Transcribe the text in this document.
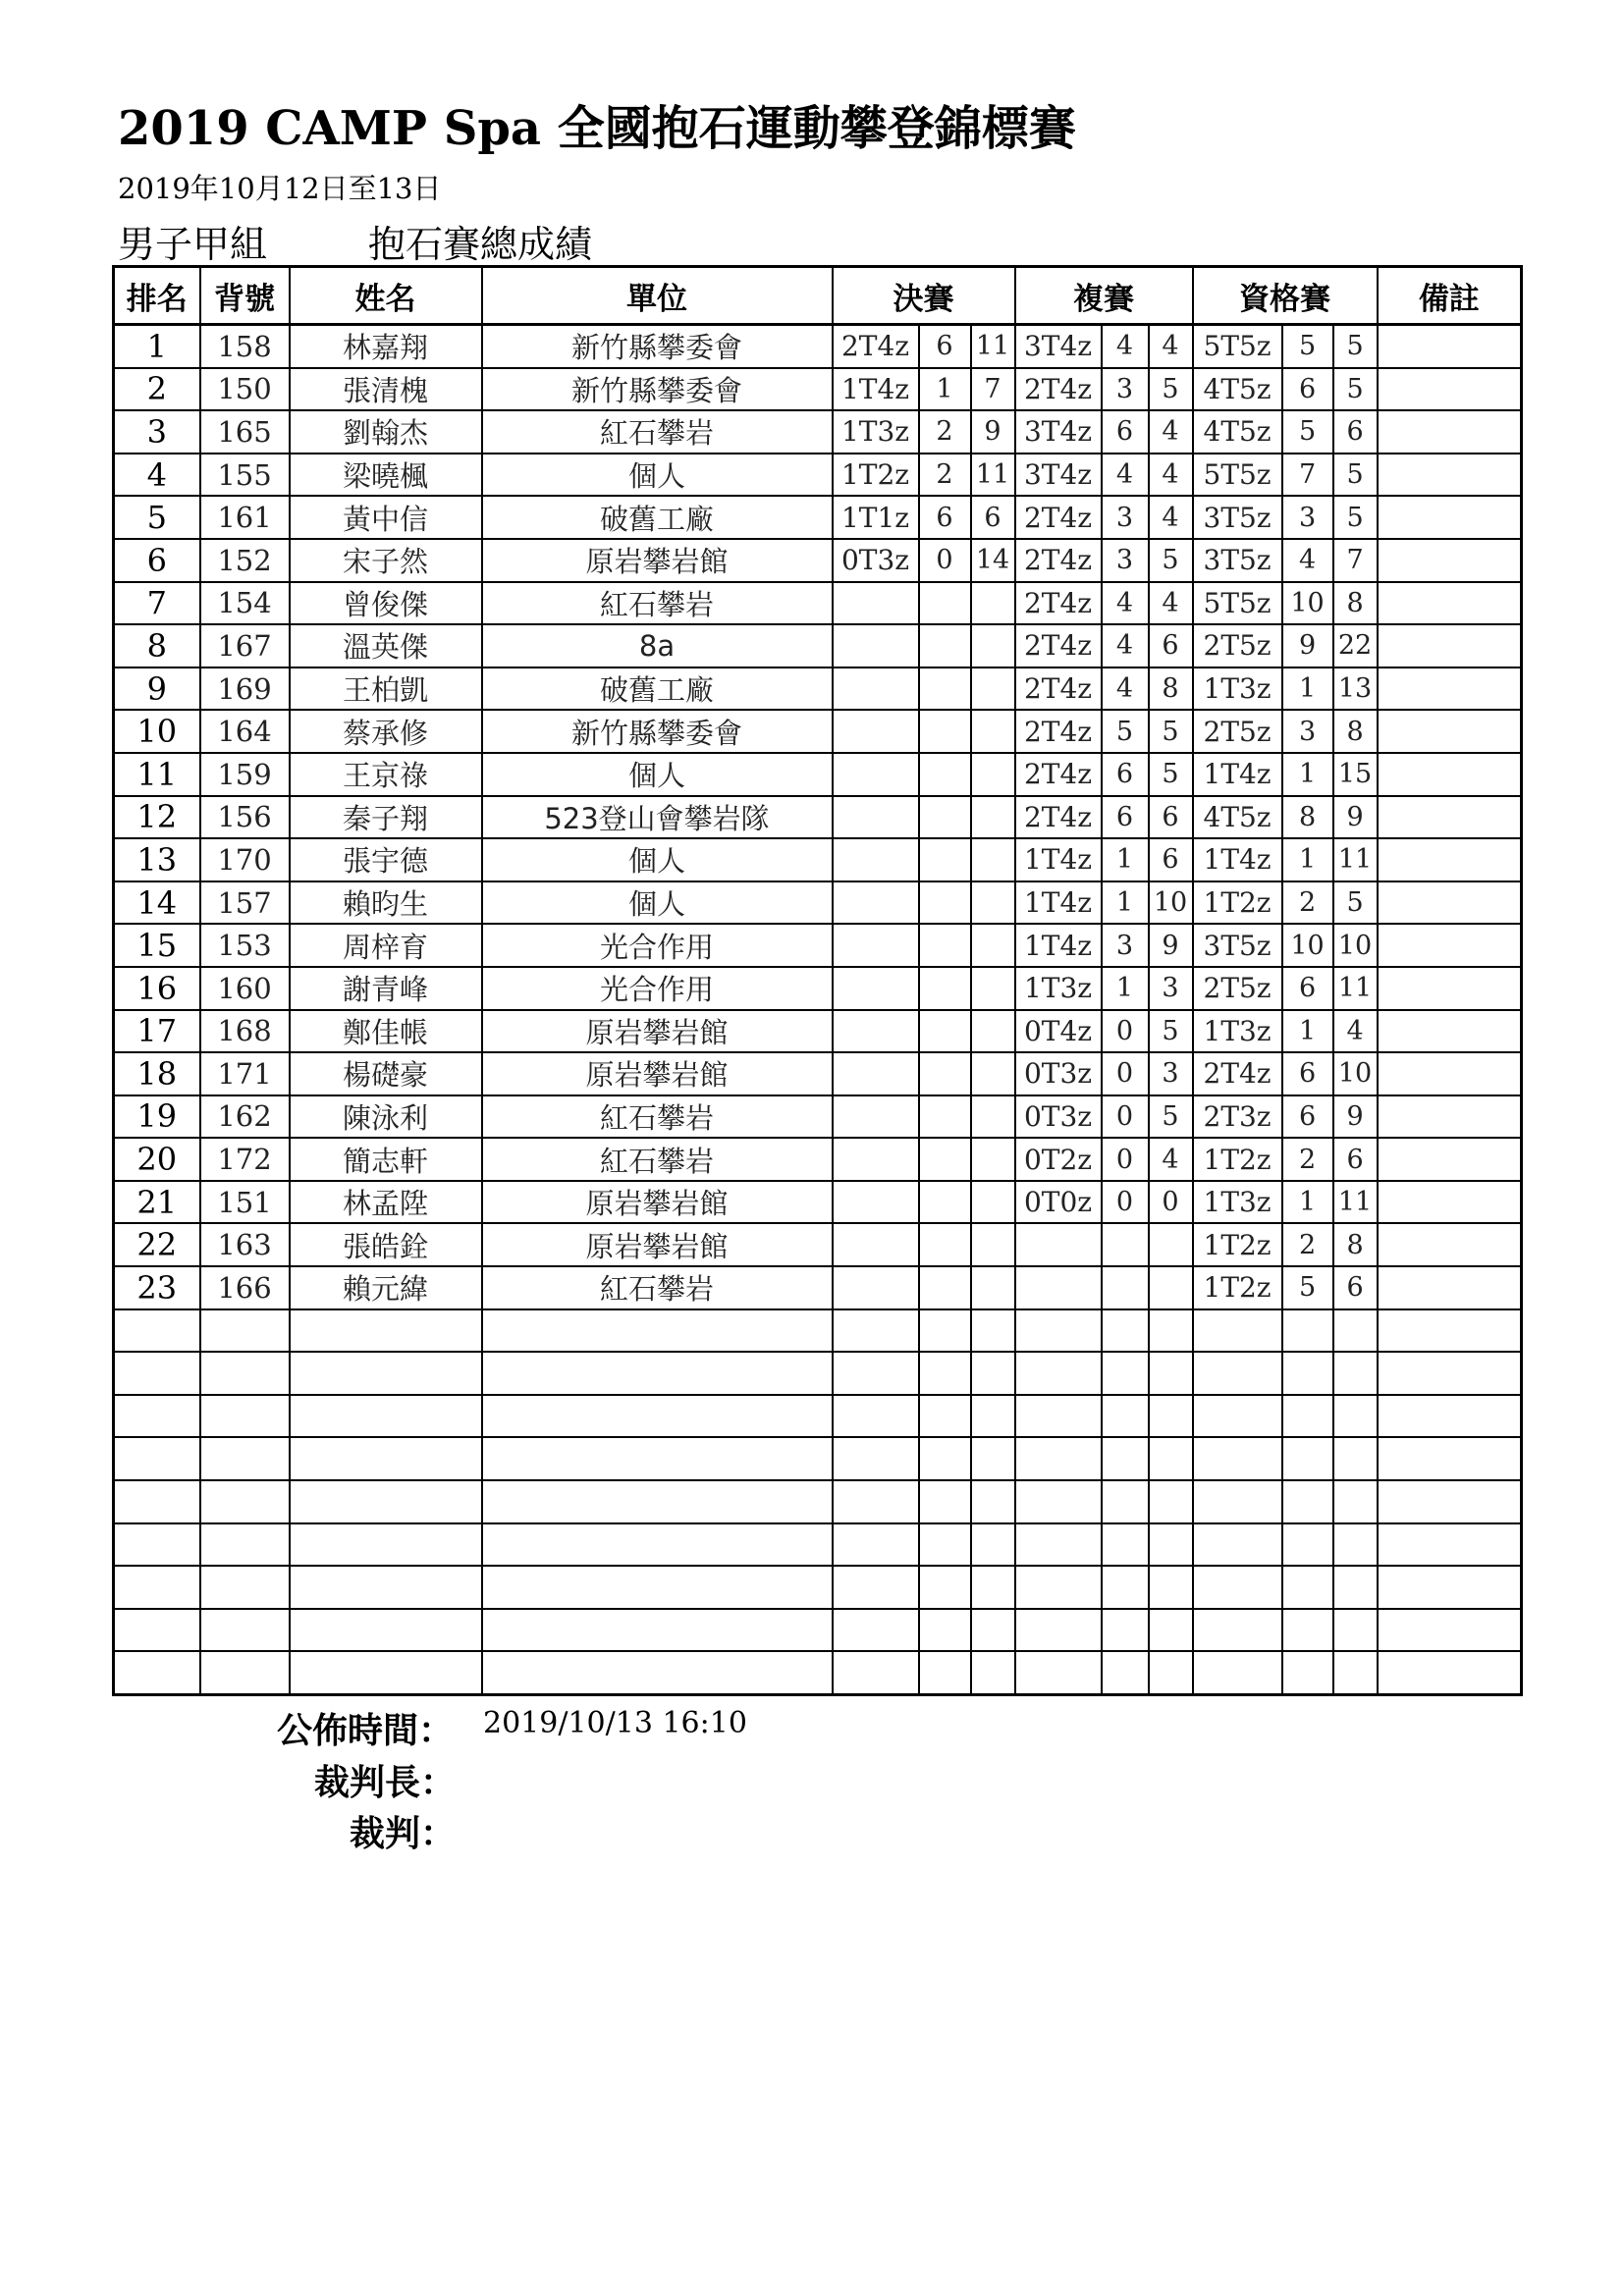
2019 CAMP Spa 全國抱石運動攀登錦標賽
2019年10月12日至13日
男子甲組	抱石賽總成績
排名	背號	姓名	單位	決賽			複賽			資格賽			備註
1	158	林嘉翔	新竹縣攀委會	2T4z	6	11	3T4z	4	4	5T5z	5	5	
2	150	張清槐	新竹縣攀委會	1T4z	1	7	2T4z	3	5	4T5z	6	5	
3	165	劉翰杰	紅石攀岩	1T3z	2	9	3T4z	6	4	4T5z	5	6	
4	155	梁曉楓	個人	1T2z	2	11	3T4z	4	4	5T5z	7	5	
5	161	黃中信	破舊工廠	1T1z	6	6	2T4z	3	4	3T5z	3	5	
6	152	宋子然	原岩攀岩館	0T3z	0	14	2T4z	3	5	3T5z	4	7	
7	154	曾俊傑	紅石攀岩				2T4z	4	4	5T5z	10	8	
8	167	溫英傑	8a				2T4z	4	6	2T5z	9	22	
9	169	王柏凱	破舊工廠				2T4z	4	8	1T3z	1	13	
10	164	蔡承修	新竹縣攀委會				2T4z	5	5	2T5z	3	8	
11	159	王京祿	個人				2T4z	6	5	1T4z	1	15	
12	156	秦子翔	523登山會攀岩隊				2T4z	6	6	4T5z	8	9	
13	170	張宇德	個人				1T4z	1	6	1T4z	1	11	
14	157	賴昀生	個人				1T4z	1	10	1T2z	2	5	
15	153	周梓育	光合作用				1T4z	3	9	3T5z	10	10	
16	160	謝青峰	光合作用				1T3z	1	3	2T5z	6	11	
17	168	鄭佳帳	原岩攀岩館				0T4z	0	5	1T3z	1	4	
18	171	楊礎豪	原岩攀岩館				0T3z	0	3	2T4z	6	10	
19	162	陳泳利	紅石攀岩				0T3z	0	5	2T3z	6	9	
20	172	簡志軒	紅石攀岩				0T2z	0	4	1T2z	2	6	
21	151	林孟陞	原岩攀岩館				0T0z	0	0	1T3z	1	11	
22	163	張皓銓	原岩攀岩館							1T2z	2	8	
23	166	賴元緯	紅石攀岩							1T2z	5	6	

公佈時間： 2019/10/13 16:10
裁判長：
裁判：
